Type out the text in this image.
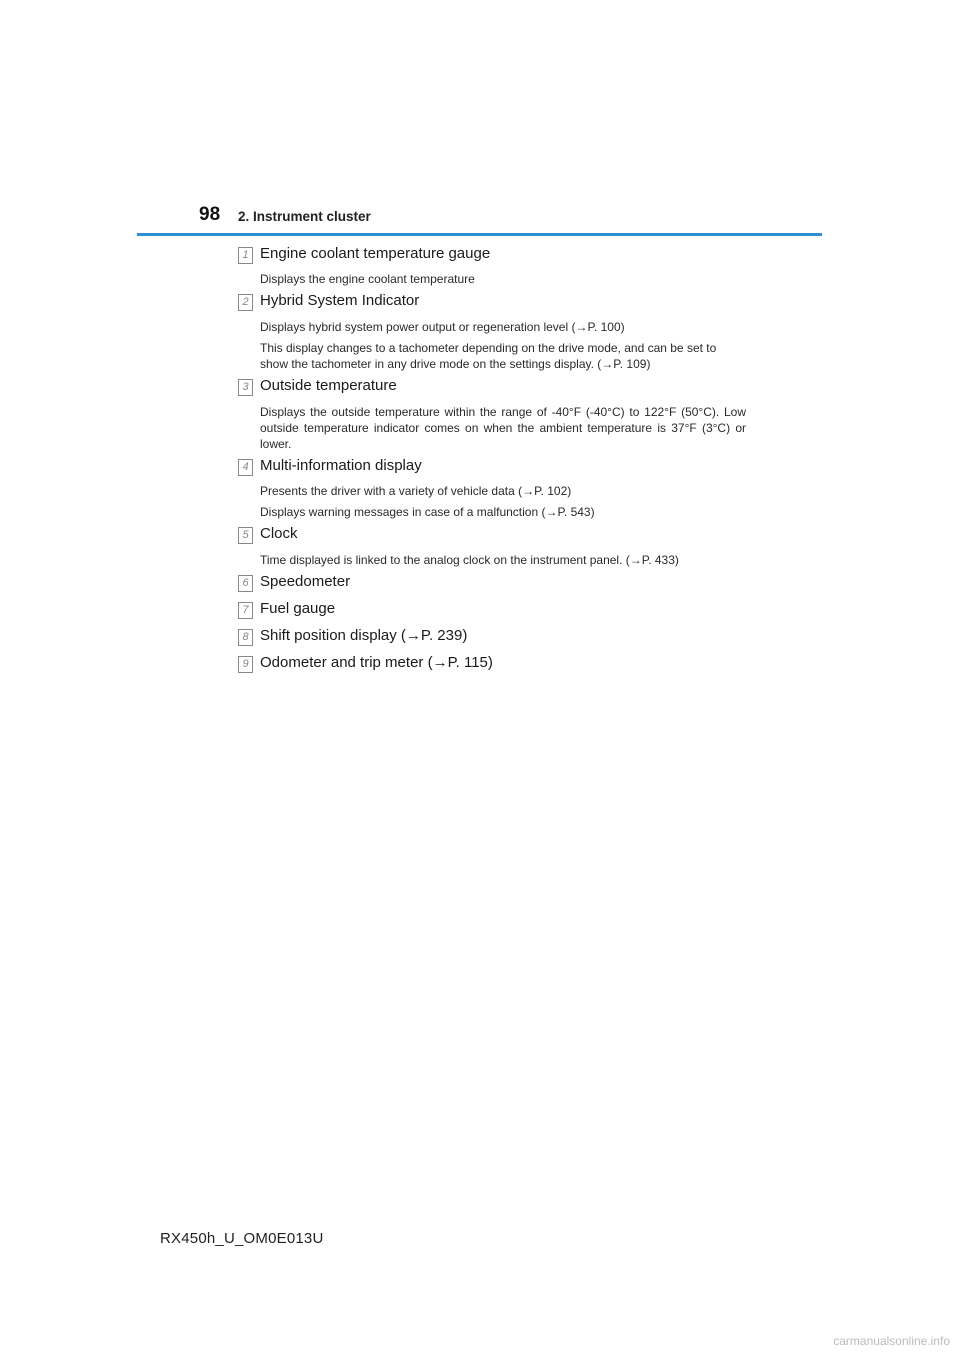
98 2. Instrument cluster
1 Engine coolant temperature gauge
Displays the engine coolant temperature
2 Hybrid System Indicator
Displays hybrid system power output or regeneration level (→P. 100)
This display changes to a tachometer depending on the drive mode, and can be set to show the tachometer in any drive mode on the settings display. (→P. 109)
3 Outside temperature
Displays the outside temperature within the range of -40°F (-40°C) to 122°F (50°C). Low outside temperature indicator comes on when the ambient temperature is 37°F (3°C) or lower.
4 Multi-information display
Presents the driver with a variety of vehicle data (→P. 102)
Displays warning messages in case of a malfunction (→P. 543)
5 Clock
Time displayed is linked to the analog clock on the instrument panel. (→P. 433)
6 Speedometer
7 Fuel gauge
8 Shift position display (→P. 239)
9 Odometer and trip meter (→P. 115)
RX450h_U_OM0E013U
carmanualsonline.info
